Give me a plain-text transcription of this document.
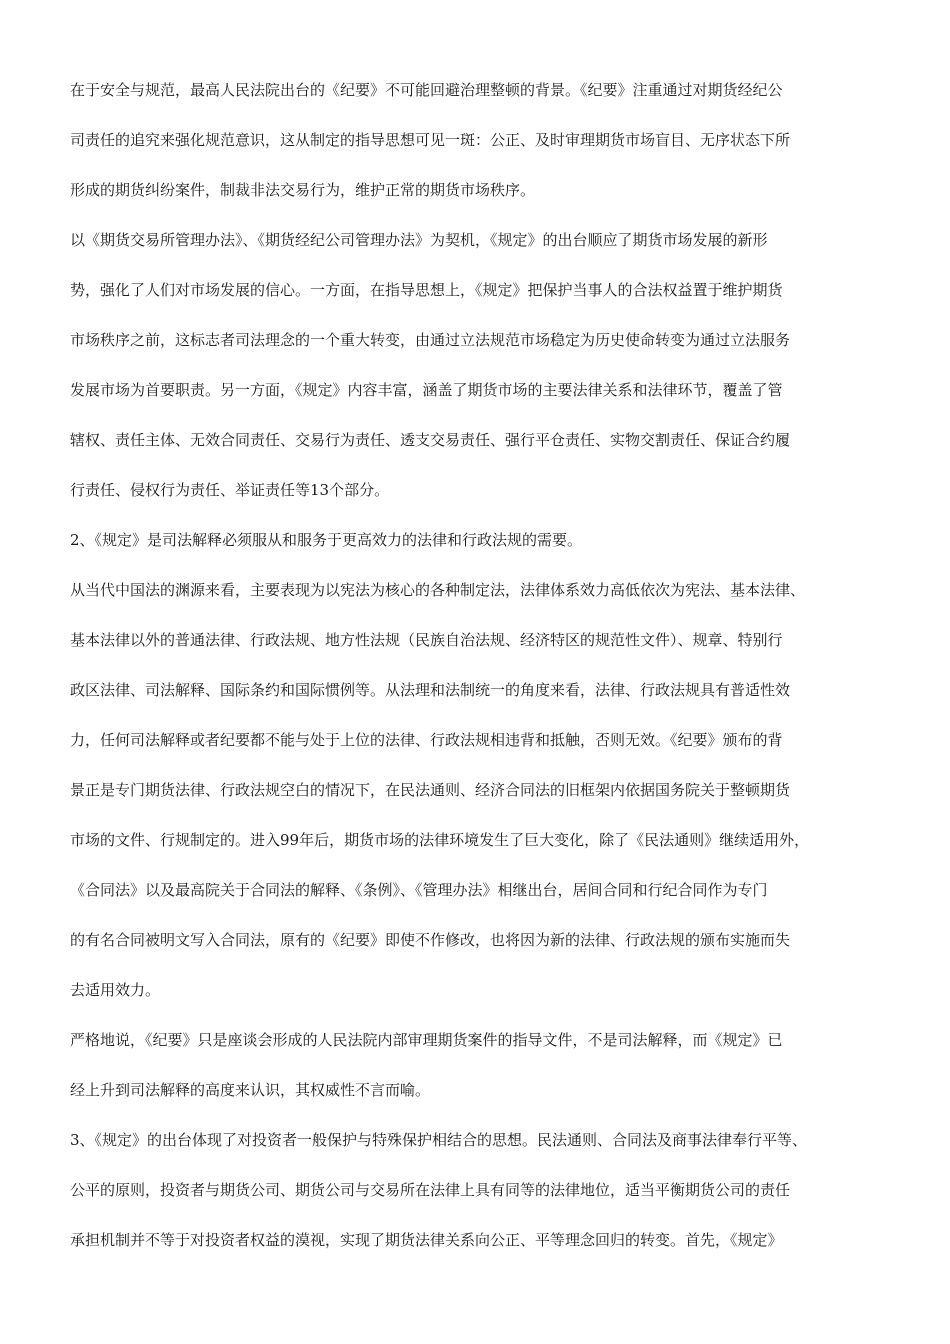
在于安全与规范，最高人民法院出台的《纪要》不可能回避治理整顿的背景。《纪要》注重通过对期货经纪公
司责任的追究来强化规范意识，这从制定的指导思想可见一斑：公正、及时审理期货市场盲目、无序状态下所
形成的期货纠纷案件，制裁非法交易行为，维护正常的期货市场秩序。
以《期货交易所管理办法》、《期货经纪公司管理办法》为契机，《规定》的出台顺应了期货市场发展的新形
势，强化了人们对市场发展的信心。一方面，在指导思想上，《规定》把保护当事人的合法权益置于维护期货
市场秩序之前，这标志者司法理念的一个重大转变，由通过立法规范市场稳定为历史使命转变为通过立法服务
发展市场为首要职责。另一方面，《规定》内容丰富，涵盖了期货市场的主要法律关系和法律环节，覆盖了管
辖权、责任主体、无效合同责任、交易行为责任、透支交易责任、强行平仓责任、实物交割责任、保证合约履
行责任、侵权行为责任、举证责任等13个部分。
2、《规定》是司法解释必须服从和服务于更高效力的法律和行政法规的需要。
从当代中国法的渊源来看，主要表现为以宪法为核心的各种制定法，法律体系效力高低依次为宪法、基本法律、
基本法律以外的普通法律、行政法规、地方性法规（民族自治法规、经济特区的规范性文件）、规章、特别行
政区法律、司法解释、国际条约和国际惯例等。从法理和法制统一的角度来看，法律、行政法规具有普适性效
力，任何司法解释或者纪要都不能与处于上位的法律、行政法规相违背和抵触，否则无效。《纪要》颁布的背
景正是专门期货法律、行政法规空白的情况下，在民法通则、经济合同法的旧框架内依据国务院关于整顿期货
市场的文件、行规制定的。进入99年后，期货市场的法律环境发生了巨大变化，除了《民法通则》继续适用外，
《合同法》以及最高院关于合同法的解释、《条例》、《管理办法》相继出台，居间合同和行纪合同作为专门
的有名合同被明文写入合同法，原有的《纪要》即使不作修改，也将因为新的法律、行政法规的颁布实施而失
去适用效力。
严格地说，《纪要》只是座谈会形成的人民法院内部审理期货案件的指导文件，不是司法解释，而《规定》已
经上升到司法解释的高度来认识，其权威性不言而喻。
3、《规定》的出台体现了对投资者一般保护与特殊保护相结合的思想。民法通则、合同法及商事法律奉行平等、
公平的原则，投资者与期货公司、期货公司与交易所在法律上具有同等的法律地位，适当平衡期货公司的责任
承担机制并不等于对投资者权益的漠视，实现了期货法律关系向公正、平等理念回归的转变。首先，《规定》
